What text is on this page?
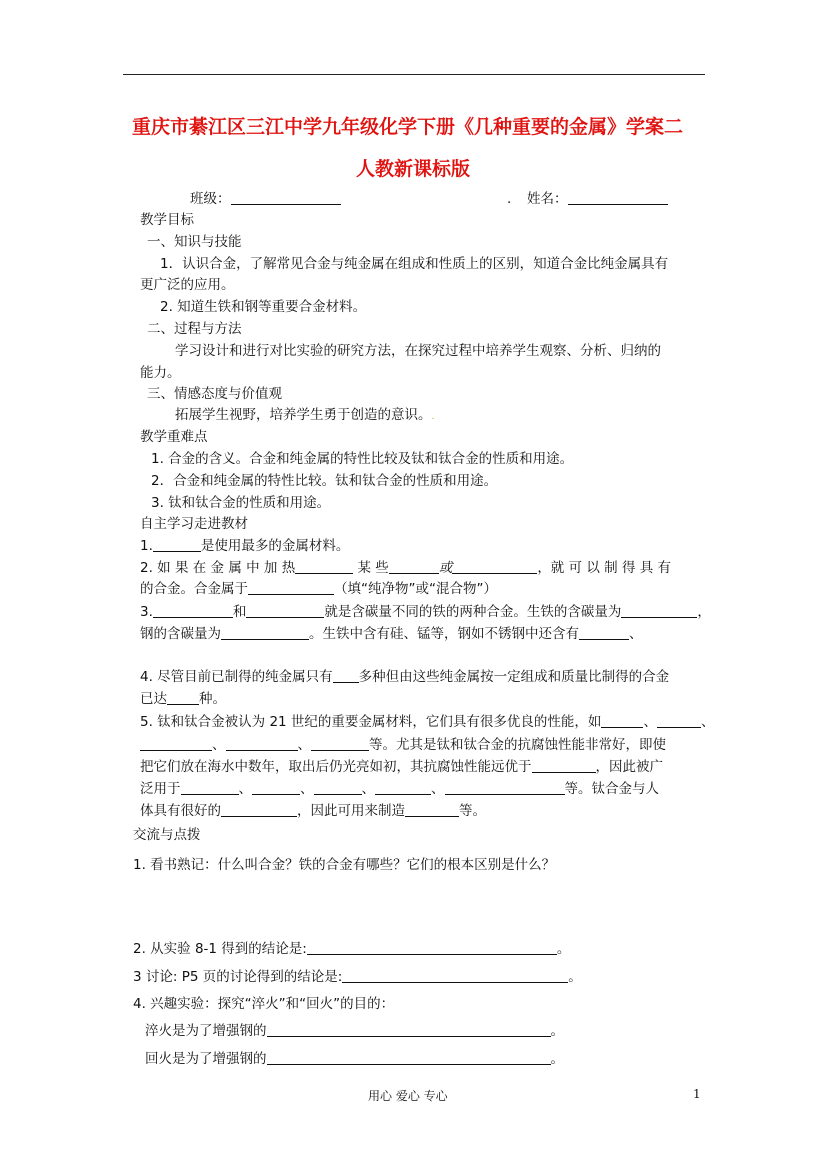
重庆市綦江区三江中学九年级化学下册《几种重要的金属》学案二
人教新课标版
班级：	. 姓名：
教学目标
一、知识与技能
1．认识合金，了解常见合金与纯金属在组成和性质上的区别，知道合金比纯金属具有
更广泛的应用。
2. 知道生铁和钢等重要合金材料。
二、过程与方法
学习设计和进行对比实验的研究方法，在探究过程中培养学生观察、分析、归纳的
能力。
三、情感态度与价值观
拓展学生视野，培养学生勇于创造的意识。.
教学重难点
1. 合金的含义。合金和纯金属的特性比较及钛和钛合金的性质和用途。
2．合金和纯金属的特性比较。钛和钛合金的性质和用途。
3. 钛和钛合金的性质和用途。
自主学习走进教材
1.	是使用最多的金属材料。
2. 如 果 在 金 属 中 加 热	某 些	或	，就 可 以 制 得 具 有
的合金。合金属于	（填“纯净物”或“混合物”）
3.	和	就是含碳量不同的铁的两种合金。生铁的含碳量为	，
钢的含碳量为	。生铁中含有硅、锰等，钢如不锈钢中还含有	、
4. 尽管目前已制得的纯金属只有 多种但由这些纯金属按一定组成和质量比制得的合金
已达 种。
5. 钛和钛合金被认为 21 世纪的重要金属材料，它们具有很多优良的性能，如	、	、
、	、	等。尤其是钛和钛合金的抗腐蚀性能非常好，即使
把它们放在海水中数年，取出后仍光亮如初，其抗腐蚀性能远优于	，因此被广
泛用于	、	、	、	、	等。钛合金与人
体具有很好的	，因此可用来制造	等。
交流与点拨
1. 看书熟记：什么叫合金？铁的合金有哪些？它们的根本区别是什么？
2. 从实验 8-1 得到的结论是:	。
3 讨论: P5 页的讨论得到的结论是:	。
4. 兴趣实验：探究“淬火”和“回火”的目的：
淬火是为了增强钢的	。
回火是为了增强钢的	。
用心 爱心 专心	1
